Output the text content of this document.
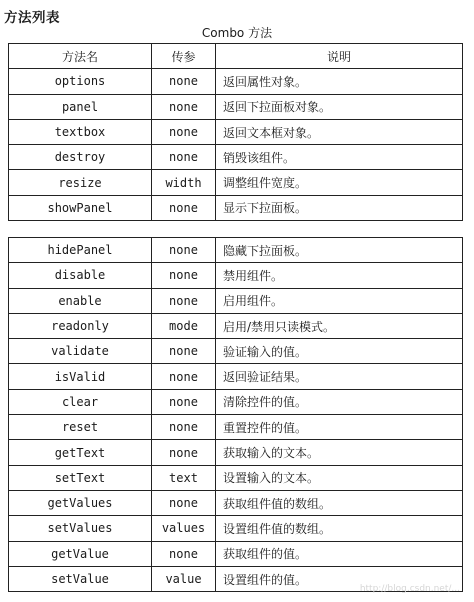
方法列表
Combo 方法
方法名	传参	说明
options	none	返回属性对象。
panel	none	返回下拉面板对象。
textbox	none	返回文本框对象。
destroy	none	销毁该组件。
resize	width	调整组件宽度。
showPanel	none	显示下拉面板。
hidePanel	none	隐藏下拉面板。
disable	none	禁用组件。
enable	none	启用组件。
readonly	mode	启用/禁用只读模式。
validate	none	验证输入的值。
isValid	none	返回验证结果。
clear	none	清除控件的值。
reset	none	重置控件的值。
getText	none	获取输入的文本。
setText	text	设置输入的文本。
getValues	none	获取组件值的数组。
setValues	values	设置组件值的数组。
getValue	none	获取组件的值。
setValue	value	设置组件的值。
http://blog.csdn.net/...
